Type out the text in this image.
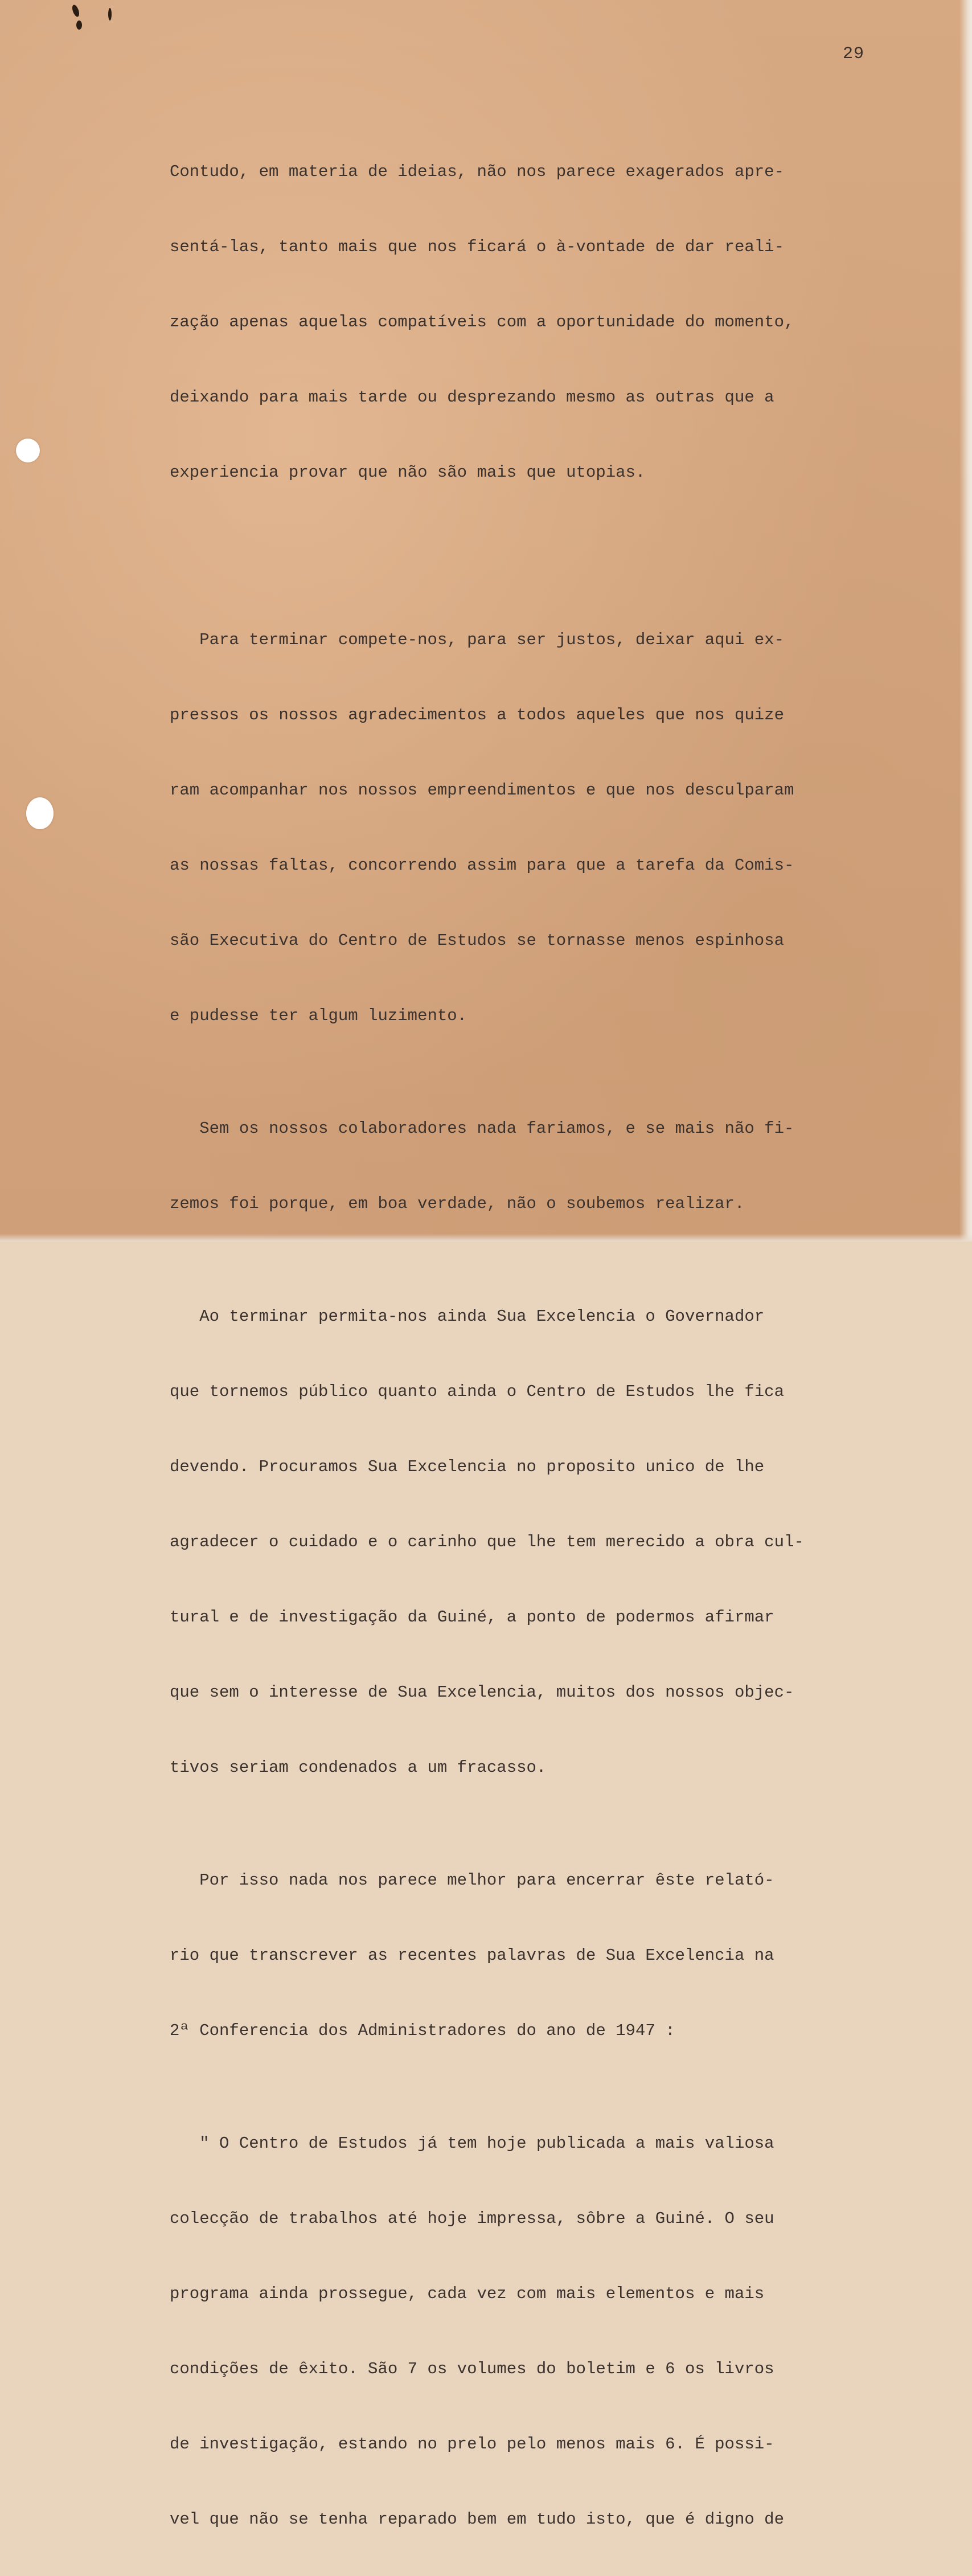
29

Contudo, em materia de ideias, não nos parece exagerados apre-

sentá-las, tanto mais que nos ficará o à-vontade de dar reali-

zação apenas aquelas compatíveis com a oportunidade do momento,

deixando para mais tarde ou desprezando mesmo as outras que a

experiencia provar que não são mais que utopias.

Para terminar compete-nos, para ser justos, deixar aqui ex-

pressos os nossos agradecimentos a todos aqueles que nos quize

ram acompanhar nos nossos empreendimentos e que nos desculparam

as nossas faltas, concorrendo assim para que a tarefa da Comis-

são Executiva do Centro de Estudos se tornasse menos espinhosa

e pudesse ter algum luzimento.

Sem os nossos colaboradores nada fariamos, e se mais não fi-

zemos foi porque, em boa verdade, não o soubemos realizar.

Ao terminar permita-nos ainda Sua Excelencia o Governador

que tornemos público quanto ainda o Centro de Estudos lhe fica

devendo. Procuramos Sua Excelencia no proposito unico de lhe

agradecer o cuidado e o carinho que lhe tem merecido a obra cul-

tural e de investigação da Guiné, a ponto de podermos afirmar

que sem o interesse de Sua Excelencia, muitos dos nossos objec-

tivos seriam condenados a um fracasso.

Por isso nada nos parece melhor para encerrar êste relató-

rio que transcrever as recentes palavras de Sua Excelencia na

2ª Conferencia dos Administradores do ano de 1947 :

" O Centro de Estudos já tem hoje publicada a mais valiosa

colecção de trabalhos até hoje impressa, sôbre a Guiné. O seu

programa ainda prossegue, cada vez com mais elementos e mais

condições de êxito. São 7 os volumes do boletim e 6 os livros

de investigação, estando no prelo pelo menos mais 6. É possi-

vel que não se tenha reparado bem em tudo isto, que é digno de
